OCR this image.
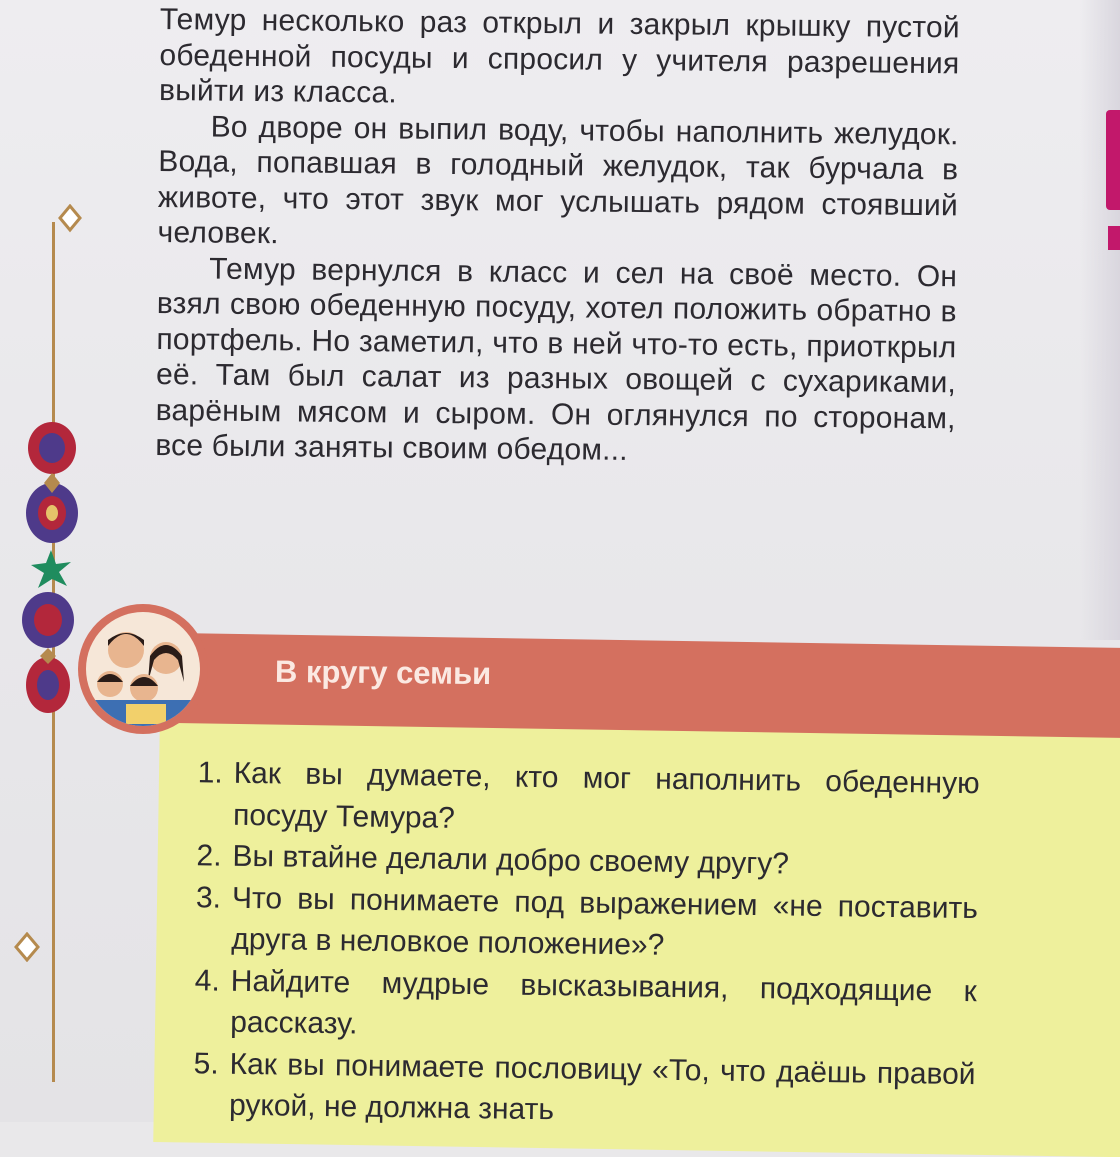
Темур несколько раз открыл и закрыл крышку пустой обеденной посуды и спросил у учителя разрешения выйти из класса.

Во дворе он выпил воду, чтобы наполнить желудок. Вода, попавшая в голодный желудок, так бурчала в животе, что этот звук мог услышать рядом стоявший человек.

Темур вернулся в класс и сел на своё место. Он взял свою обеденную посуду, хотел положить обратно в портфель. Но заметил, что в ней что-то есть, приоткрыл её. Там был салат из разных овощей с сухариками, варёным мясом и сыром. Он оглянулся по сторонам, все были заняты своим обедом...

В кругу семьи
1. Как вы думаете, кто мог наполнить обеденную посуду Темура?
2. Вы втайне делали добро своему другу?
3. Что вы понимаете под выражением «не поставить друга в неловкое положение»?
4. Найдите мудрые высказывания, подходящие к рассказу.
5. Как вы понимаете пословицу «То, что даёшь правой рукой, не должна знать
